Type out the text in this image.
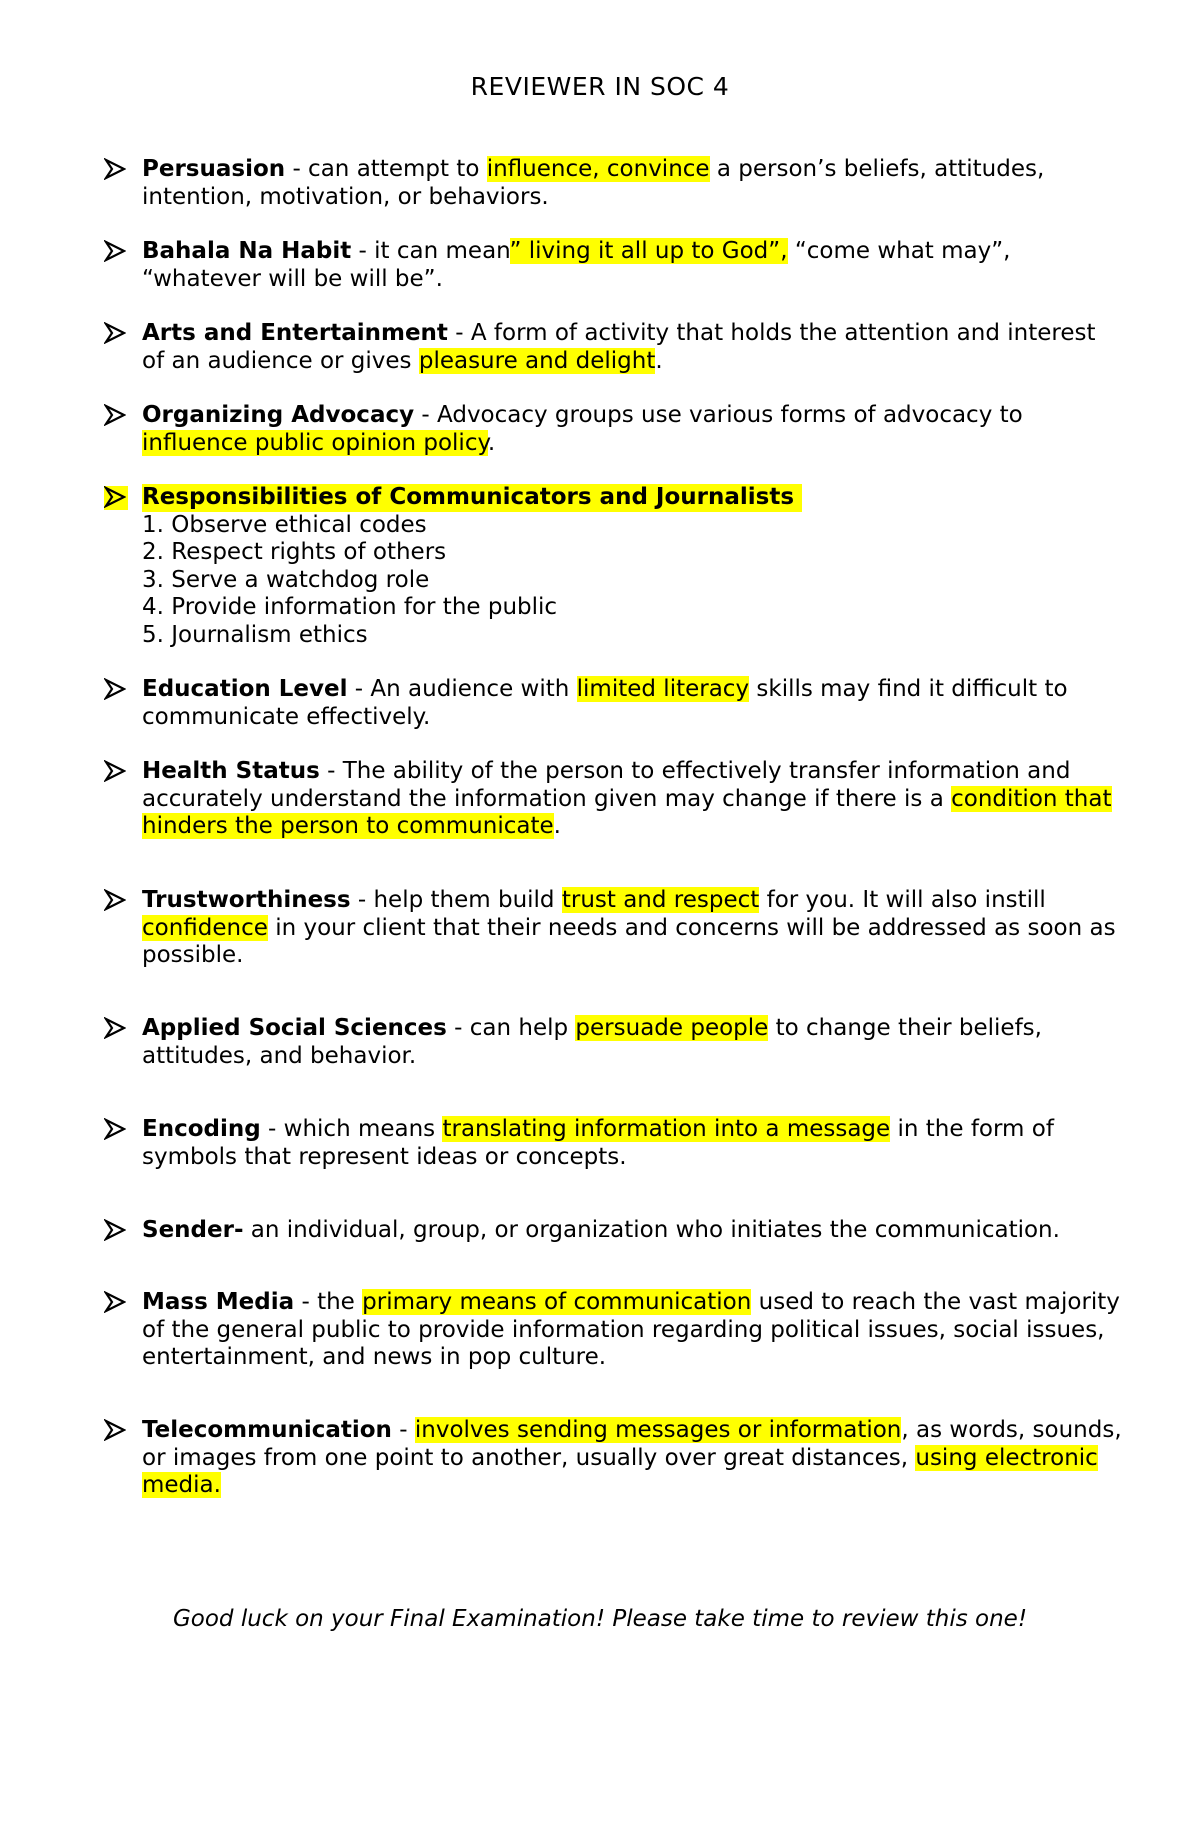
REVIEWER IN SOC 4
Persuasion - can attempt to influence, convince a person’s beliefs, attitudes, intention, motivation, or behaviors.
Bahala Na Habit - it can mean” living it all up to God”, “come what may”, “whatever will be will be”.
Arts and Entertainment - A form of activity that holds the attention and interest of an audience or gives pleasure and delight.
Organizing Advocacy - Advocacy groups use various forms of advocacy to influence public opinion policy.
Responsibilities of Communicators and Journalists
1. Observe ethical codes
2. Respect rights of others
3. Serve a watchdog role
4. Provide information for the public
5. Journalism ethics
Education Level - An audience with limited literacy skills may find it difficult to communicate effectively.
Health Status - The ability of the person to effectively transfer information and accurately understand the information given may change if there is a condition that hinders the person to communicate.
Trustworthiness - help them build trust and respect for you. It will also instill confidence in your client that their needs and concerns will be addressed as soon as possible.
Applied Social Sciences - can help persuade people to change their beliefs, attitudes, and behavior.
Encoding - which means translating information into a message in the form of symbols that represent ideas or concepts.
Sender- an individual, group, or organization who initiates the communication.
Mass Media - the primary means of communication used to reach the vast majority of the general public to provide information regarding political issues, social issues, entertainment, and news in pop culture.
Telecommunication - involves sending messages or information, as words, sounds, or images from one point to another, usually over great distances, using electronic media.
Good luck on your Final Examination! Please take time to review this one!
